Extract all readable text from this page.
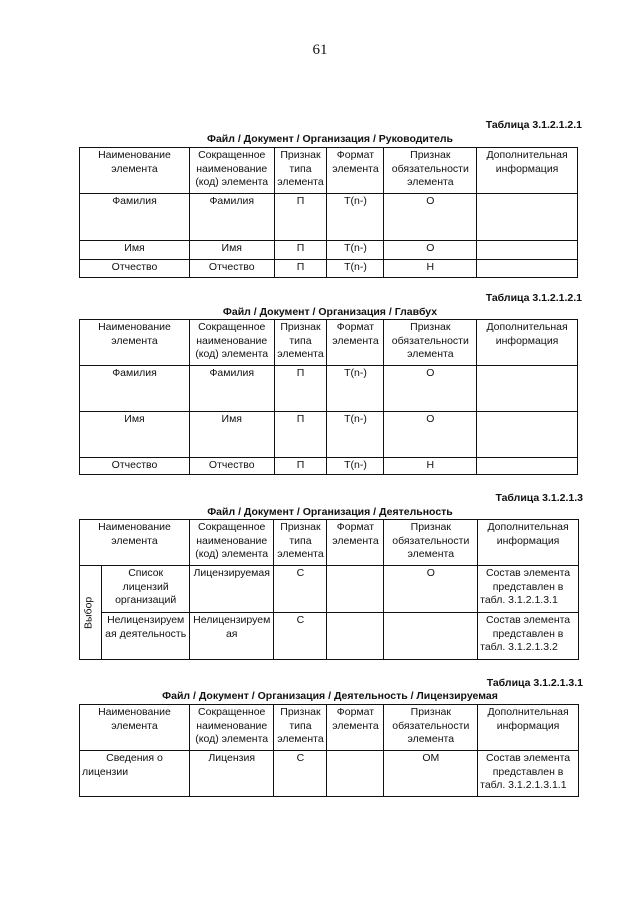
61
Таблица 3.1.2.1.2.1
Файл / Документ / Организация / Руководитель
Наименование элемента	Сокращенное наименование (код) элемента	Признак типа элемента	Формат элемента	Признак обязательности элемента	Дополнительная информация
Фамилия	Фамилия	П	T(n-)	О	
Имя	Имя	П	T(n-)	О	
Отчество	Отчество	П	T(n-)	Н	
Таблица 3.1.2.1.2.1
Файл / Документ / Организация / Главбух
Наименование элемента	Сокращенное наименование (код) элемента	Признак типа элемента	Формат элемента	Признак обязательности элемента	Дополнительная информация
Фамилия	Фамилия	П	T(n-)	О	
Имя	Имя	П	T(n-)	О	
Отчество	Отчество	П	T(n-)	Н	
Таблица 3.1.2.1.3
Файл / Документ / Организация / Деятельность
Наименование элемента		Сокращенное наименование (код) элемента	Признак типа элемента	Формат элемента	Признак обязательности элемента	Дополнительная информация
Выбор	Список лицензий организаций	Лицензируемая	С		О	Состав элемента представлен в табл. 3.1.2.1.3.1
	Нелицензируемая деятельность	Нелицензируемая	С			Состав элемента представлен в табл. 3.1.2.1.3.2
Таблица 3.1.2.1.3.1
Файл / Документ / Организация / Деятельность / Лицензируемая
Наименование элемента	Сокращенное наименование (код) элемента	Признак типа элемента	Формат элемента	Признак обязательности элемента	Дополнительная информация
Сведения о лицензии	Лицензия	С		ОМ	Состав элемента представлен в табл. 3.1.2.1.3.1.1
